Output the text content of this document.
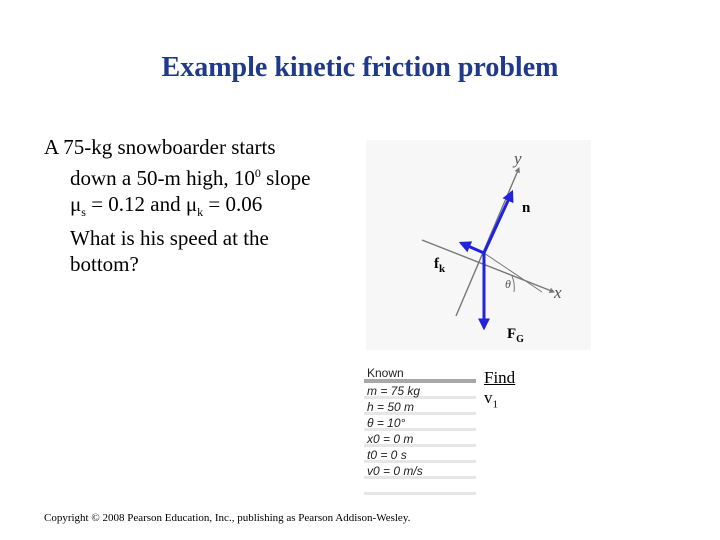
Example kinetic friction problem
A 75-kg snowboarder starts
down a 50-m high, $10^0$ slope
$\mu_s = 0.12$ and $\mu_k = 0.06$
What is his speed at the
bottom?
y
x
θ
n
$f_k$
$F_G$
Known
m = 75 kg
h = 50 m
θ = 10°
x0 = 0 m
t0 = 0 s
v0 = 0 m/s
Find
$v_1$
Copyright © 2008 Pearson Education, Inc., publishing as Pearson Addison-Wesley.
